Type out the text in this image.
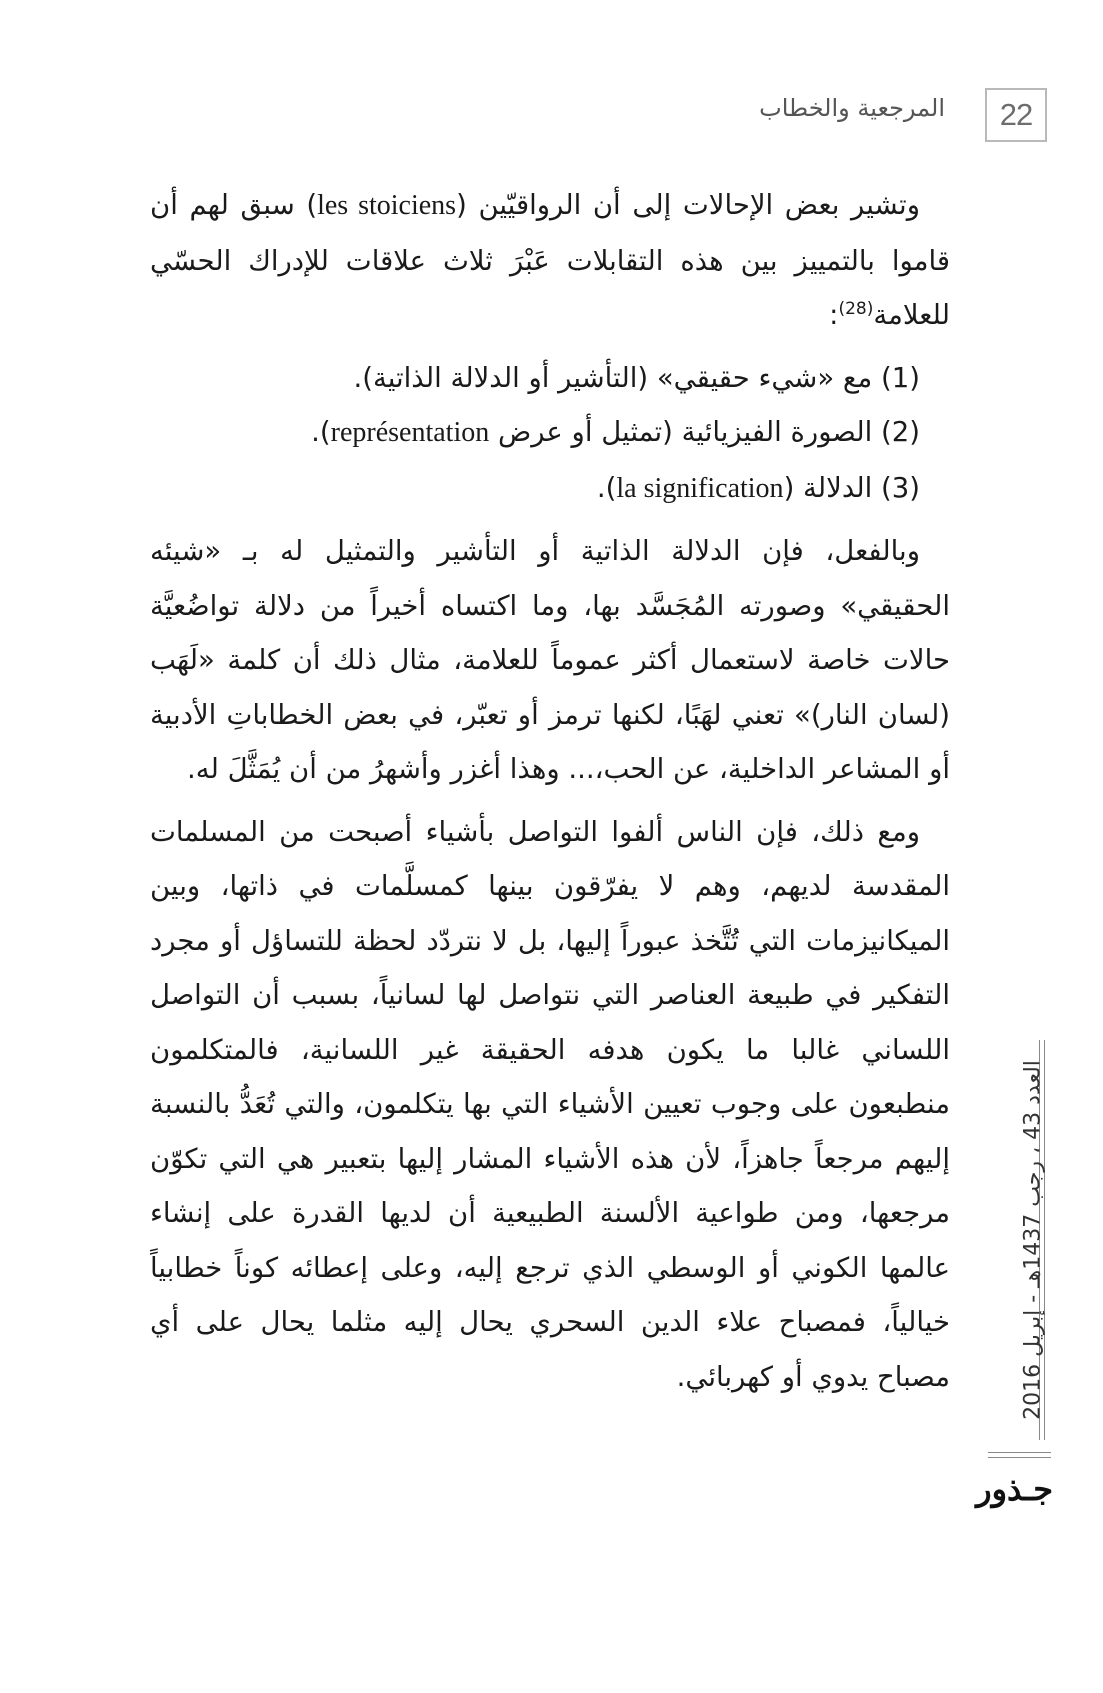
22
المرجعية والخطاب

وتشير بعض الإحالات إلى أن الرواقيّين (les stoiciens) سبق لهم أن قاموا بالتمييز بين هذه التقابلات عَبْرَ ثلاث علاقات للإدراك الحسّي للعلامة$^{(28)}$:

(1) مع «شيء حقيقي» (التأشير أو الدلالة الذاتية).

(2) الصورة الفيزيائية (تمثيل أو عرض représentation).

(3) الدلالة (la signification).

وبالفعل، فإن الدلالة الذاتية أو التأشير والتمثيل له بـ «شيئه الحقيقي» وصورته المُجَسَّد بها، وما اكتساه أخيراً من دلالة تواضُعيَّة حالات خاصة لاستعمال أكثر عموماً للعلامة، مثال ذلك أن كلمة «لَهَب (لسان النار)» تعني لهَبًا، لكنها ترمز أو تعبّر، في بعض الخطاباتِ الأدبية أو المشاعر الداخلية، عن الحب،... وهذا أغزر وأشهرُ من أن يُمَثَّلَ له.

ومع ذلك، فإن الناس ألفوا التواصل بأشياء أصبحت من المسلمات المقدسة لديهم، وهم لا يفرّقون بينها كمسلَّمات في ذاتها، وبين الميكانيزمات التي تُتَّخذ عبوراً إليها، بل لا نتردّد لحظة للتساؤل أو مجرد التفكير في طبيعة العناصر التي نتواصل لها لسانياً، بسبب أن التواصل اللساني غالبا ما يكون هدفه الحقيقة غير اللسانية، فالمتكلمون منطبعون على وجوب تعيين الأشياء التي بها يتكلمون، والتي تُعَدُّ بالنسبة إليهم مرجعاً جاهزاً، لأن هذه الأشياء المشار إليها بتعبير هي التي تكوّن مرجعها، ومن طواعية الألسنة الطبيعية أن لديها القدرة على إنشاء عالمها الكوني أو الوسطي الذي ترجع إليه، وعلى إعطائه كوناً خطابياً خيالياً، فمصباح علاء الدين السحري يحال إليه مثلما يحال على أي مصباح يدوي أو كهربائي.	العدد 43 ، رجب 1437هـ - إبريل 2016
جـذور
